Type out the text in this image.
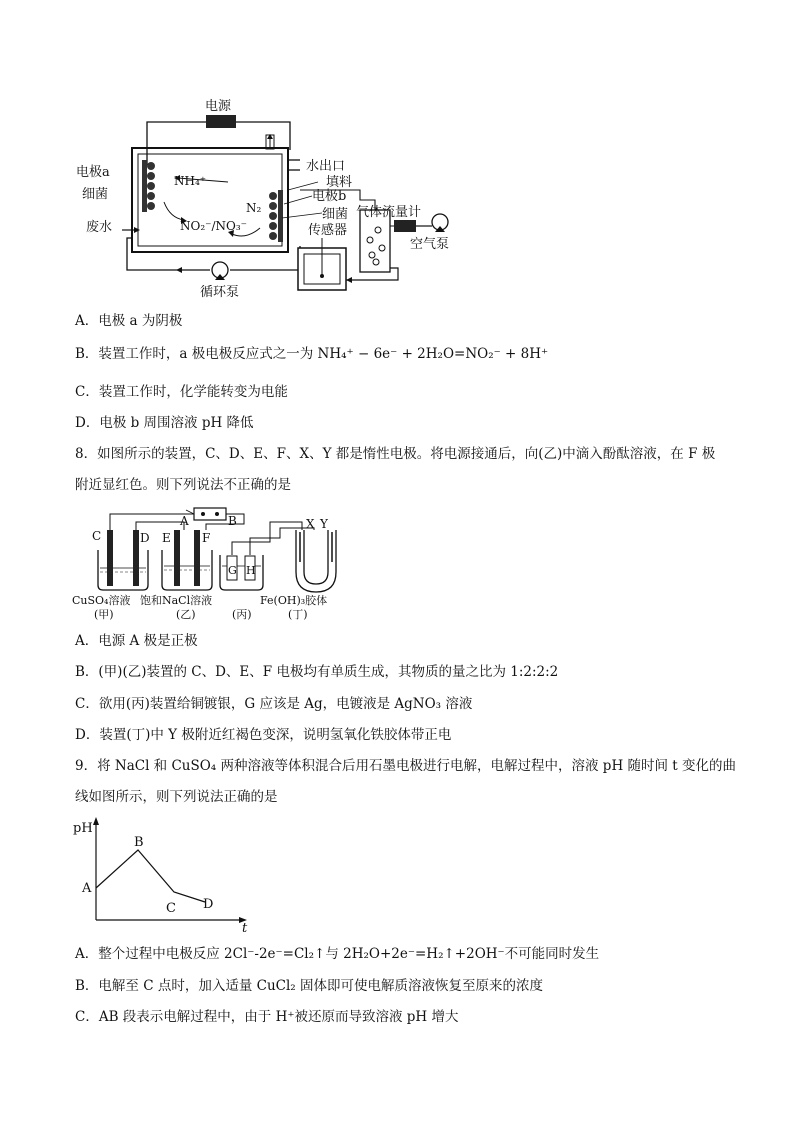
电源
电极a
细菌
废水
NH₄⁺
NO₂⁻/NO₃⁻
N₂
水出口
填料
电极b
细菌 气体流量计
传感器
空气泵
循环泵
A．电极 a 为阴极
B．装置工作时，a 极电极反应式之一为 NH₄⁺ − 6e⁻ + 2H₂O=NO₂⁻ + 8H⁺
C．装置工作时，化学能转变为电能
D．电极 b 周围溶液 pH 降低
8．如图所示的装置，C、D、E、F、X、Y 都是惰性电极。将电源接通后，向(乙)中滴入酚酞溶液，在 F 极
附近显红色。则下列说法不正确的是
A	B
C	D E	F
G H
X Y
CuSO₄溶液
(甲)
饱和NaCl溶液
(乙)	(丙)
Fe(OH)₃胶体
(丁)
A．电源 A 极是正极
B．(甲)(乙)装置的 C、D、E、F 电极均有单质生成，其物质的量之比为 1:2:2:2
C．欲用(丙)装置给铜镀银，G 应该是 Ag，电镀液是 AgNO₃ 溶液
D．装置(丁)中 Y 极附近红褐色变深，说明氢氧化铁胶体带正电
9．将 NaCl 和 CuSO₄ 两种溶液等体积混合后用石墨电极进行电解，电解过程中，溶液 pH 随时间 t 变化的曲
线如图所示，则下列说法正确的是
pH
t
A
B
C D
A．整个过程中电极反应 2Cl⁻-2e⁻=Cl₂↑与 2H₂O+2e⁻=H₂↑+2OH⁻不可能同时发生
B．电解至 C 点时，加入适量 CuCl₂ 固体即可使电解质溶液恢复至原来的浓度
C．AB 段表示电解过程中，由于 H⁺被还原而导致溶液 pH 增大
